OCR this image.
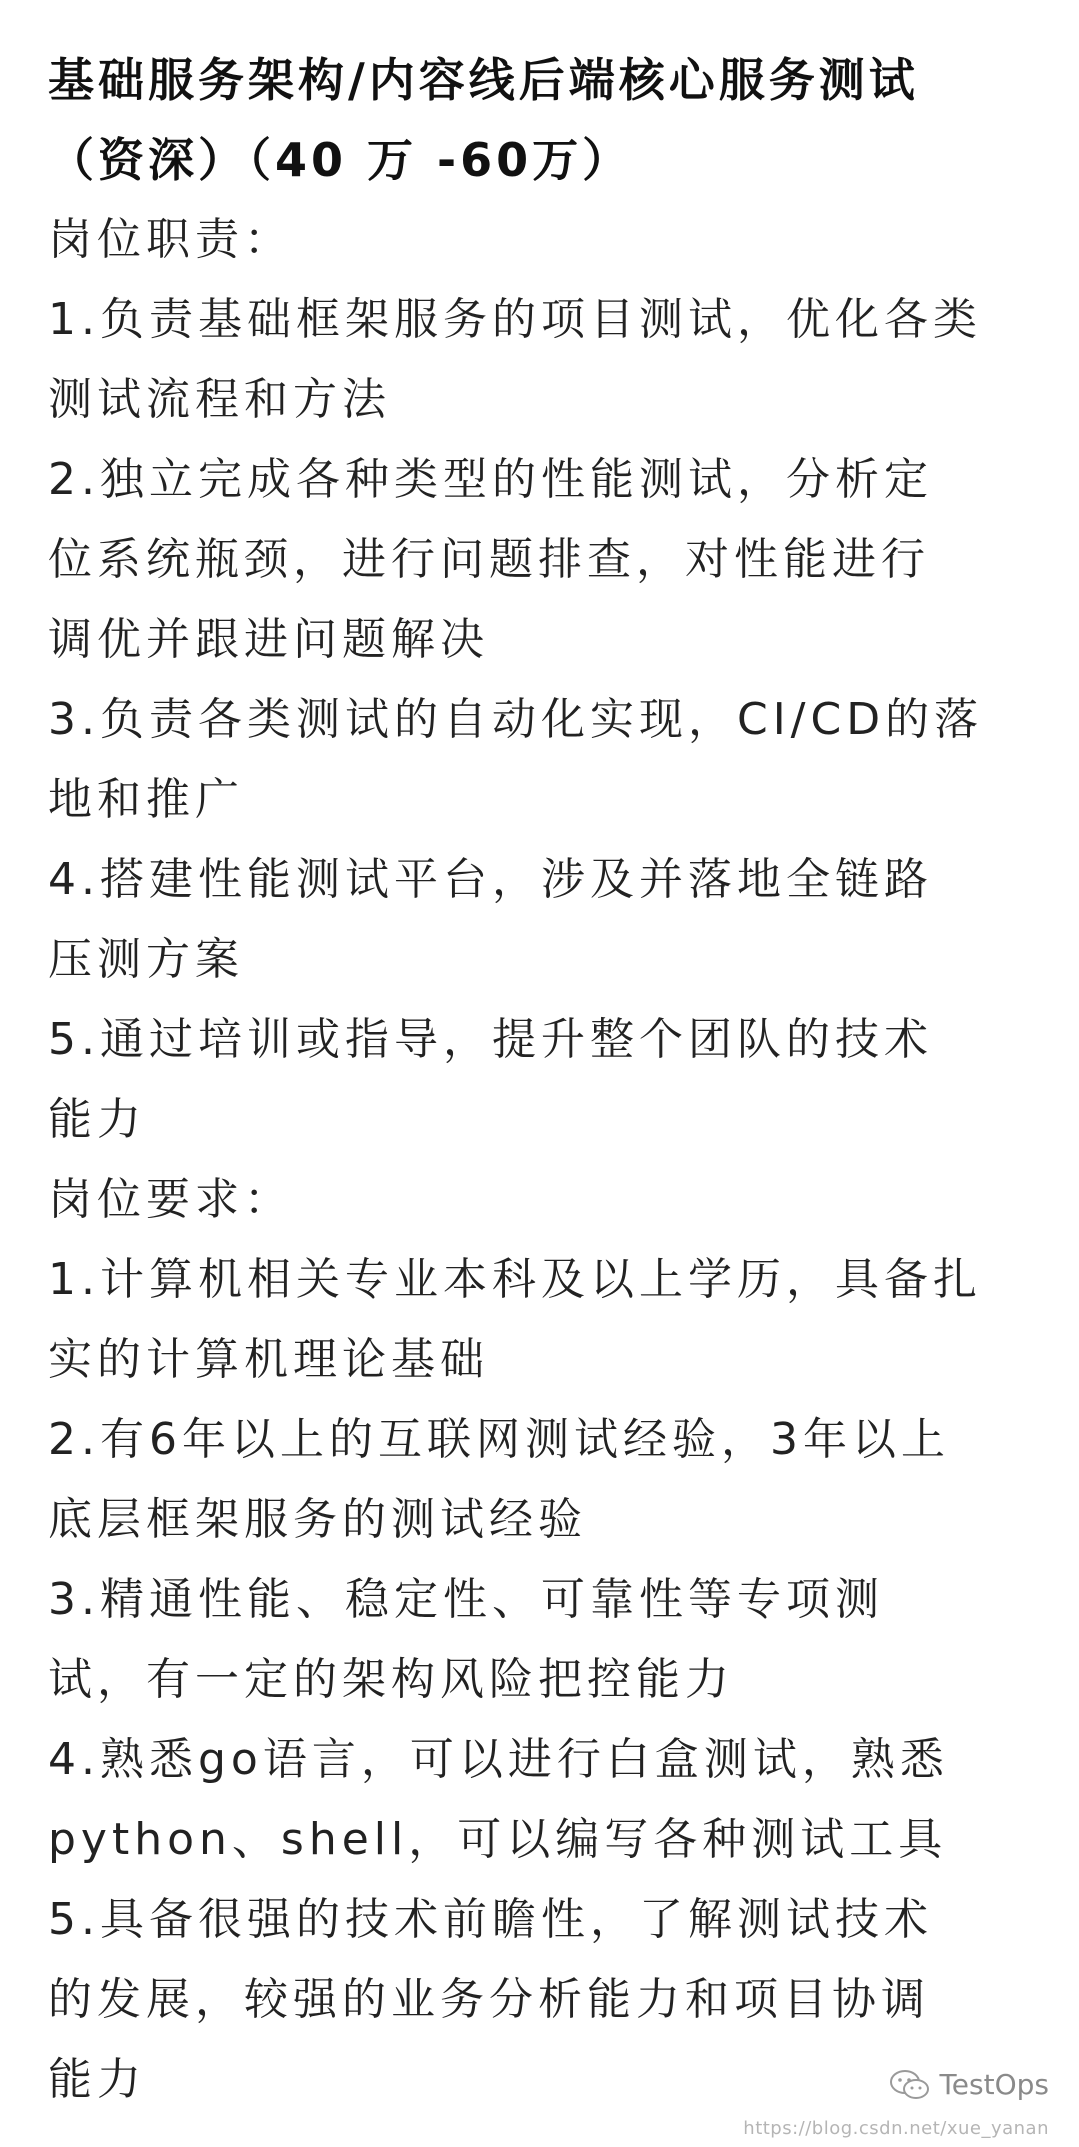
基础服务架构/内容线后端核心服务测试
（资深）（40 万 -60万）
岗位职责：
1.负责基础框架服务的项目测试，优化各类
测试流程和方法
2.独立完成各种类型的性能测试，分析定
位系统瓶颈，进行问题排查，对性能进行
调优并跟进问题解决
3.负责各类测试的自动化实现，CI/CD的落
地和推广
4.搭建性能测试平台，涉及并落地全链路
压测方案
5.通过培训或指导，提升整个团队的技术
能力
岗位要求：
1.计算机相关专业本科及以上学历，具备扎
实的计算机理论基础
2.有6年以上的互联网测试经验，3年以上
底层框架服务的测试经验
3.精通性能、稳定性、可靠性等专项测
试，有一定的架构风险把控能力
4.熟悉go语言，可以进行白盒测试，熟悉
python、shell，可以编写各种测试工具
5.具备很强的技术前瞻性，了解测试技术
的发展，较强的业务分析能力和项目协调
能力	TestOps
https://blog.csdn.net/xue_yanan
